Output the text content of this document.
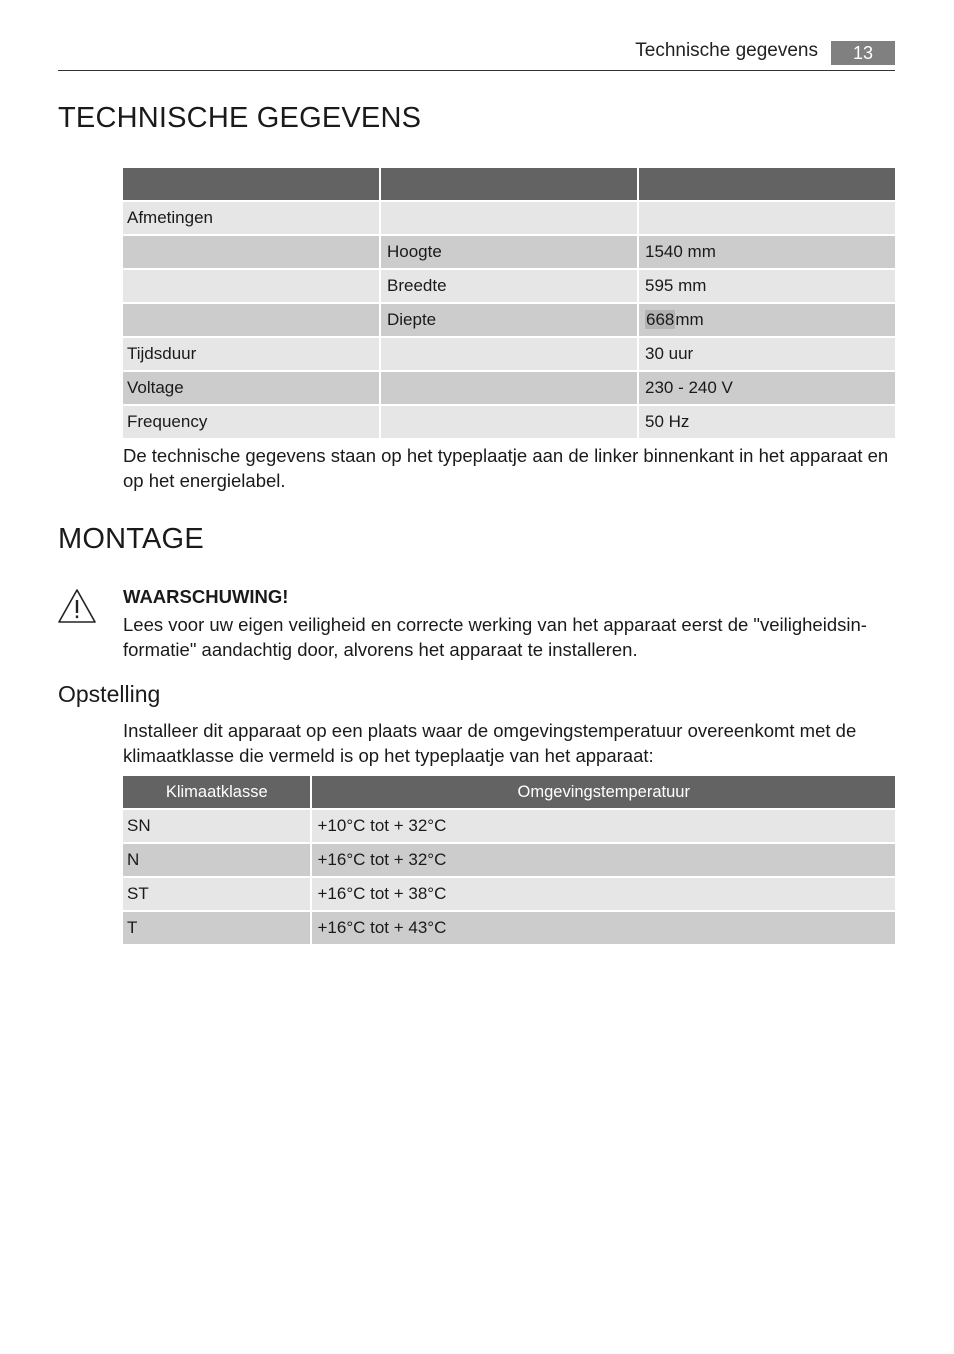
Technische gegevens	13
TECHNISCHE GEGEVENS

Afmetingen		
	Hoogte	1540 mm
	Breedte	595 mm
	Diepte	668mm
Tijdsduur		30 uur
Voltage		230 - 240 V
Frequency		50 Hz

De technische gegevens staan op het typeplaatje aan de linker binnenkant in het apparaat en op het energielabel.

MONTAGE
WAARSCHUWING!
Lees voor uw eigen veiligheid en correcte werking van het apparaat eerst de "veiligheidsin-formatie" aandachtig door, alvorens het apparaat te installeren.
Opstelling

Installeer dit apparaat op een plaats waar de omgevingstemperatuur overeenkomt met de klimaatklasse die vermeld is op het typeplaatje van het apparaat:

Klimaatklasse	Omgevingstemperatuur
SN	+10°C tot + 32°C
N	+16°C tot + 32°C
ST	+16°C tot + 38°C
T	+16°C tot + 43°C
